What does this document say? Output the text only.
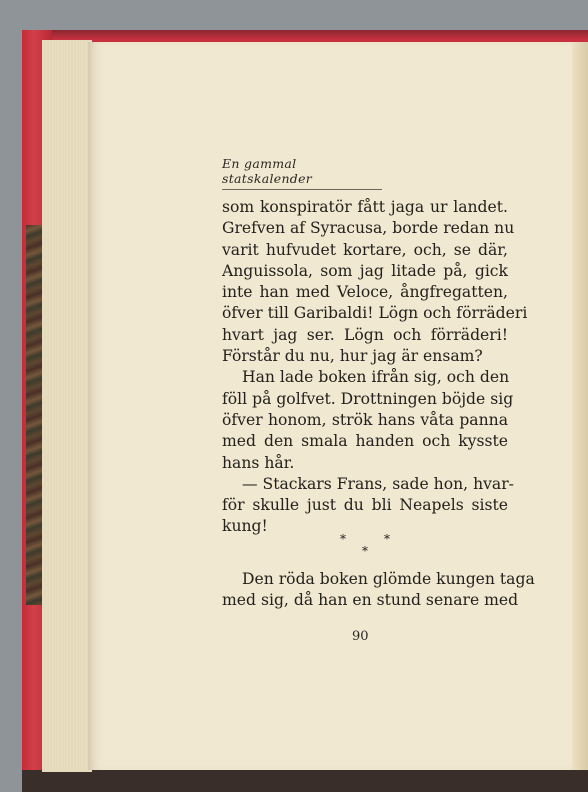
En gammal statskalender
som konspiratör fått jaga ur landet.
Grefven af Syracusa, borde redan nu
varit hufvudet kortare, och, se där,
Anguissola, som jag litade på, gick
inte han med Veloce, ångfregatten,
öfver till Garibaldi! Lögn och förräderi
hvart jag ser. Lögn och förräderi!
Förstår du nu, hur jag är ensam?
Han lade boken ifrån sig, och den
föll på golfvet. Drottningen böjde sig
öfver honom, strök hans våta panna
med den smala handen och kysste
hans hår.
— Stackars Frans, sade hon, hvar-
för skulle just du bli Neapels siste
kung!
*	*
*
Den röda boken glömde kungen taga
med sig, då han en stund senare med
90
